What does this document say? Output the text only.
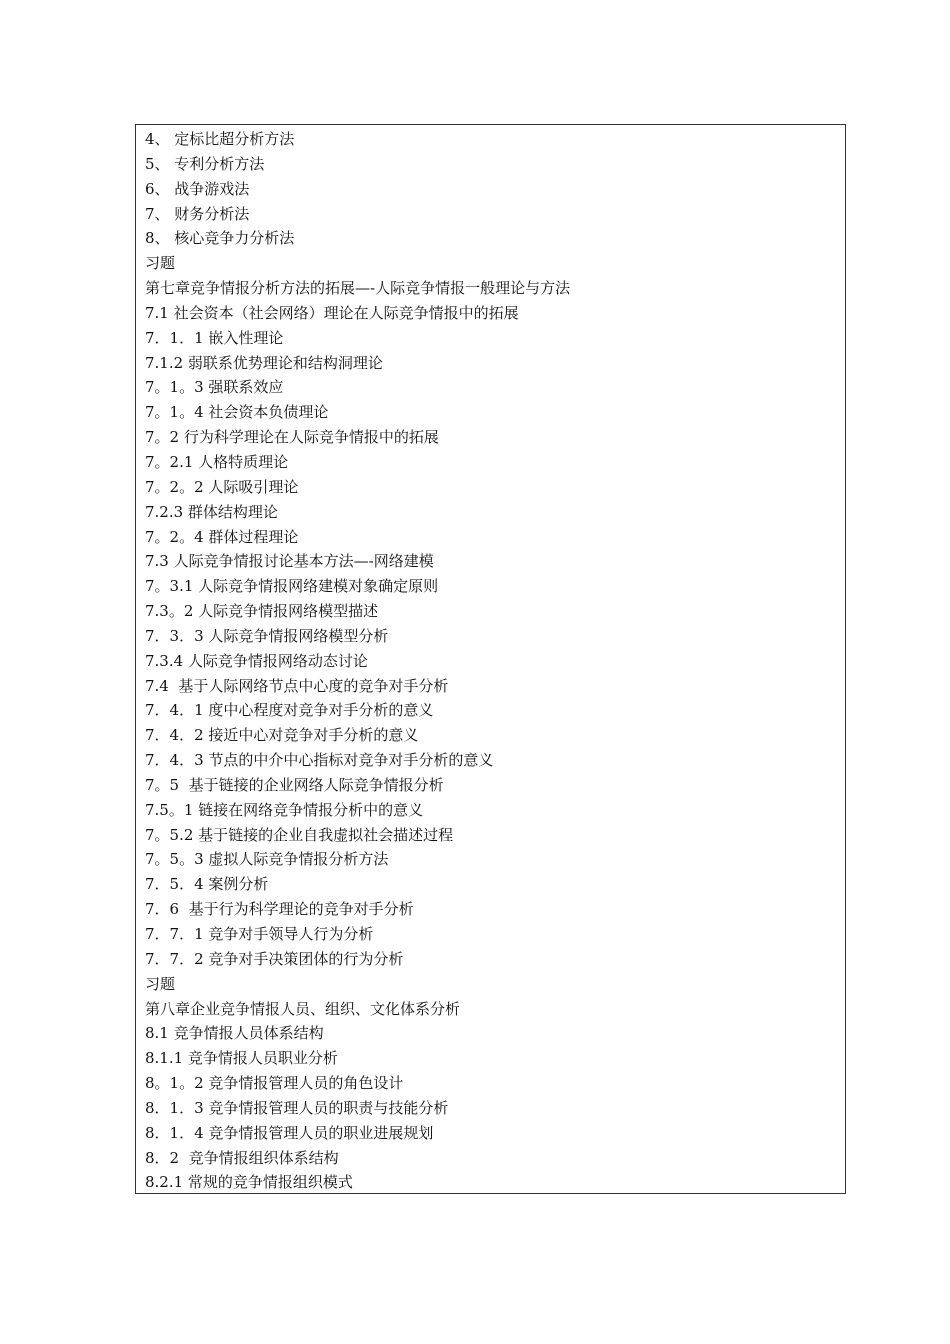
4、 定标比超分析方法
5、 专利分析方法
6、 战争游戏法
7、 财务分析法
8、 核心竞争力分析法
习题
第七章竞争情报分析方法的拓展—-人际竞争情报一般理论与方法
7.1 社会资本（社会网络）理论在人际竞争情报中的拓展
7．1．1 嵌入性理论
7.1.2 弱联系优势理论和结构洞理论
7。1。3 强联系效应
7。1。4 社会资本负债理论
7。2 行为科学理论在人际竞争情报中的拓展
7。2.1 人格特质理论
7。2。2 人际吸引理论
7.2.3 群体结构理论
7。2。4 群体过程理论
7.3 人际竞争情报讨论基本方法—-网络建模
7。3.1 人际竞争情报网络建模对象确定原则
7.3。2 人际竞争情报网络模型描述
7．3．3 人际竞争情报网络模型分析
7.3.4 人际竞争情报网络动态讨论
7.4  基于人际网络节点中心度的竞争对手分析
7．4．1 度中心程度对竞争对手分析的意义
7．4．2 接近中心对竞争对手分析的意义
7．4．3 节点的中介中心指标对竞争对手分析的意义
7。5  基于链接的企业网络人际竞争情报分析
7.5。1 链接在网络竞争情报分析中的意义
7。5.2 基于链接的企业自我虚拟社会描述过程
7。5。3 虚拟人际竞争情报分析方法
7．5．4 案例分析
7．6  基于行为科学理论的竞争对手分析
7．7．1 竞争对手领导人行为分析
7．7．2 竞争对手决策团体的行为分析
习题
第八章企业竞争情报人员、组织、文化体系分析
8.1 竞争情报人员体系结构
8.1.1 竞争情报人员职业分析
8。1。2 竞争情报管理人员的角色设计
8．1．3 竞争情报管理人员的职责与技能分析
8．1．4 竞争情报管理人员的职业进展规划
8．2  竞争情报组织体系结构
8.2.1 常规的竞争情报组织模式
